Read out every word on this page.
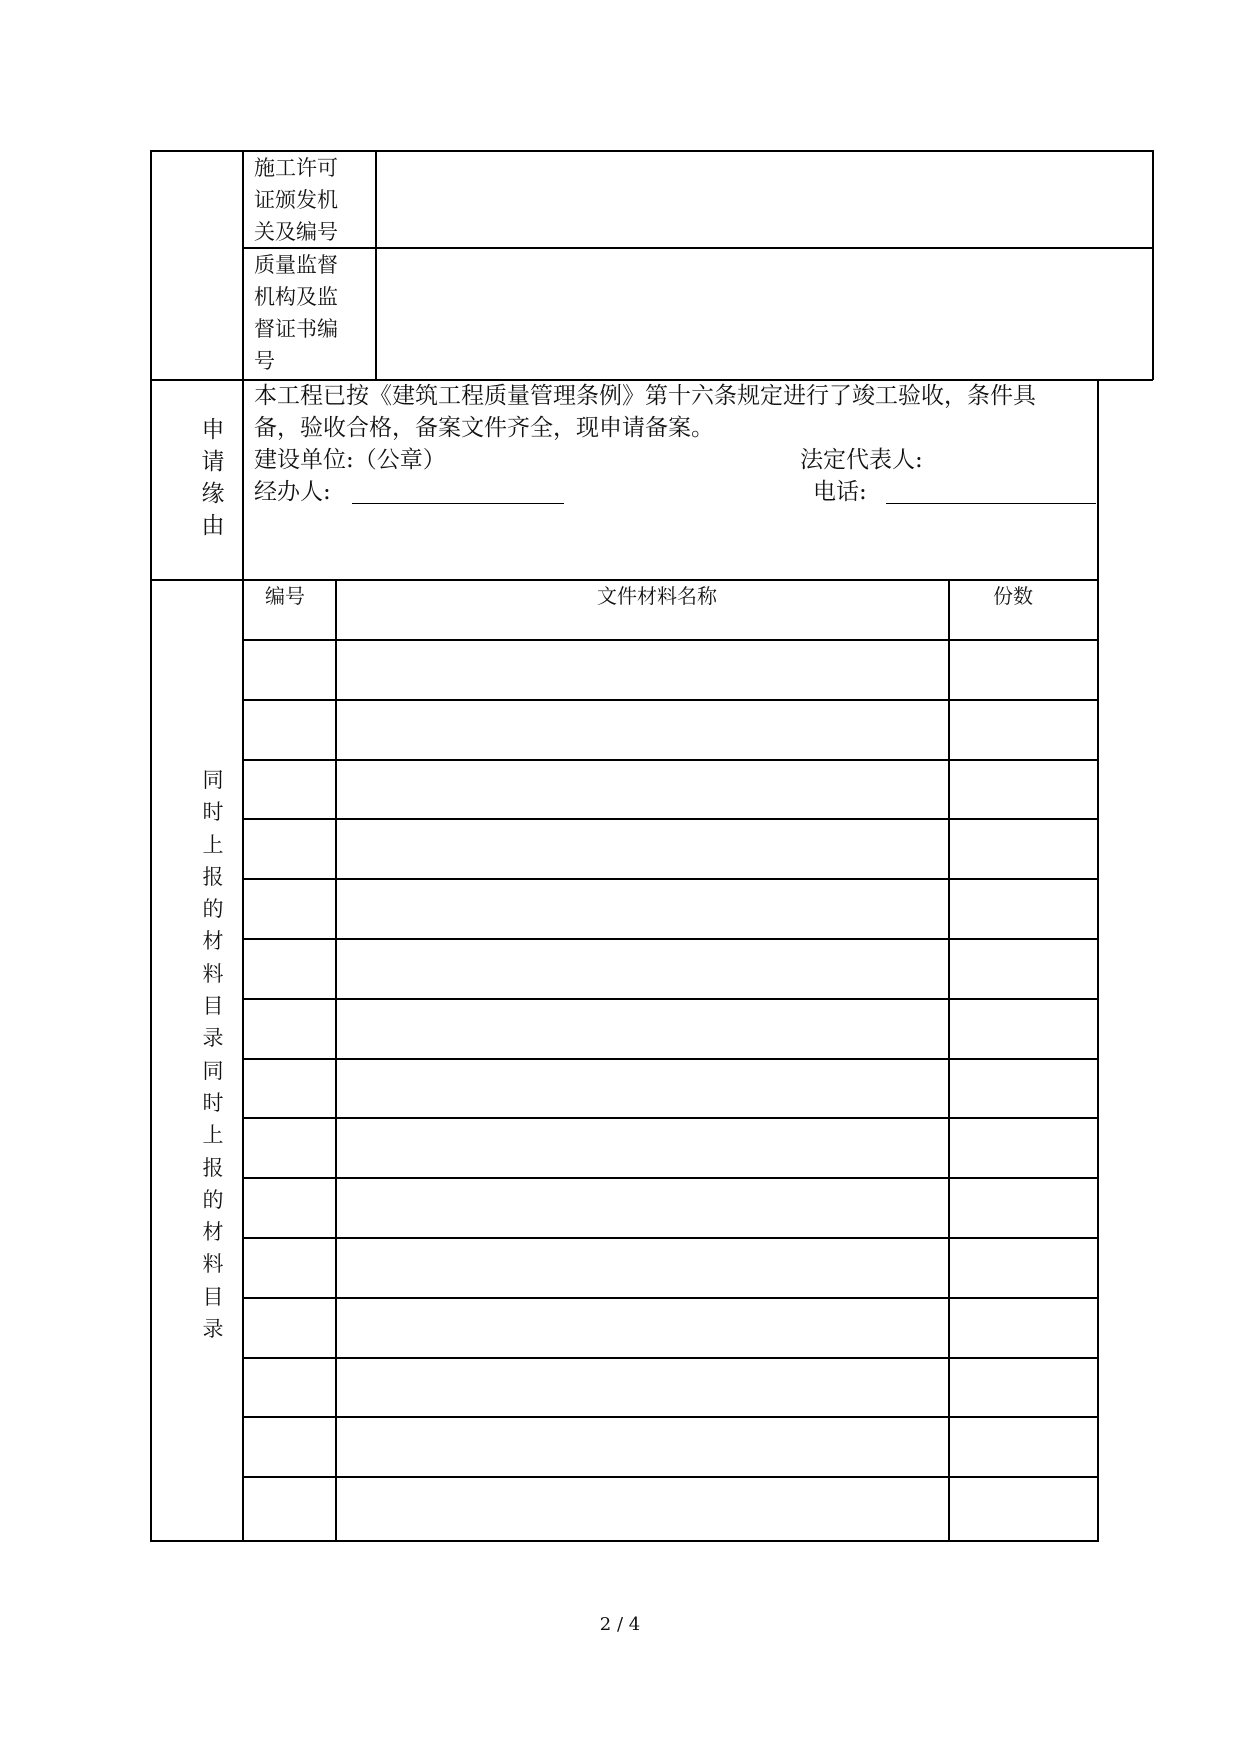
施工许可
证颁发机
关及编号
质量监督
机构及监
督证书编
号
申
请
缘
由
本工程已按《建筑工程质量管理条例》第十六条规定进行了竣工验收，条件具
备，验收合格，备案文件齐全，现申请备案。
建设单位:（公章）	法定代表人:
经办人:	电话:
同
时
上
报
的
材
料
目
录
同
时
上
报
的
材
料
目
录
编号	文件材料名称	份数
2 / 4
